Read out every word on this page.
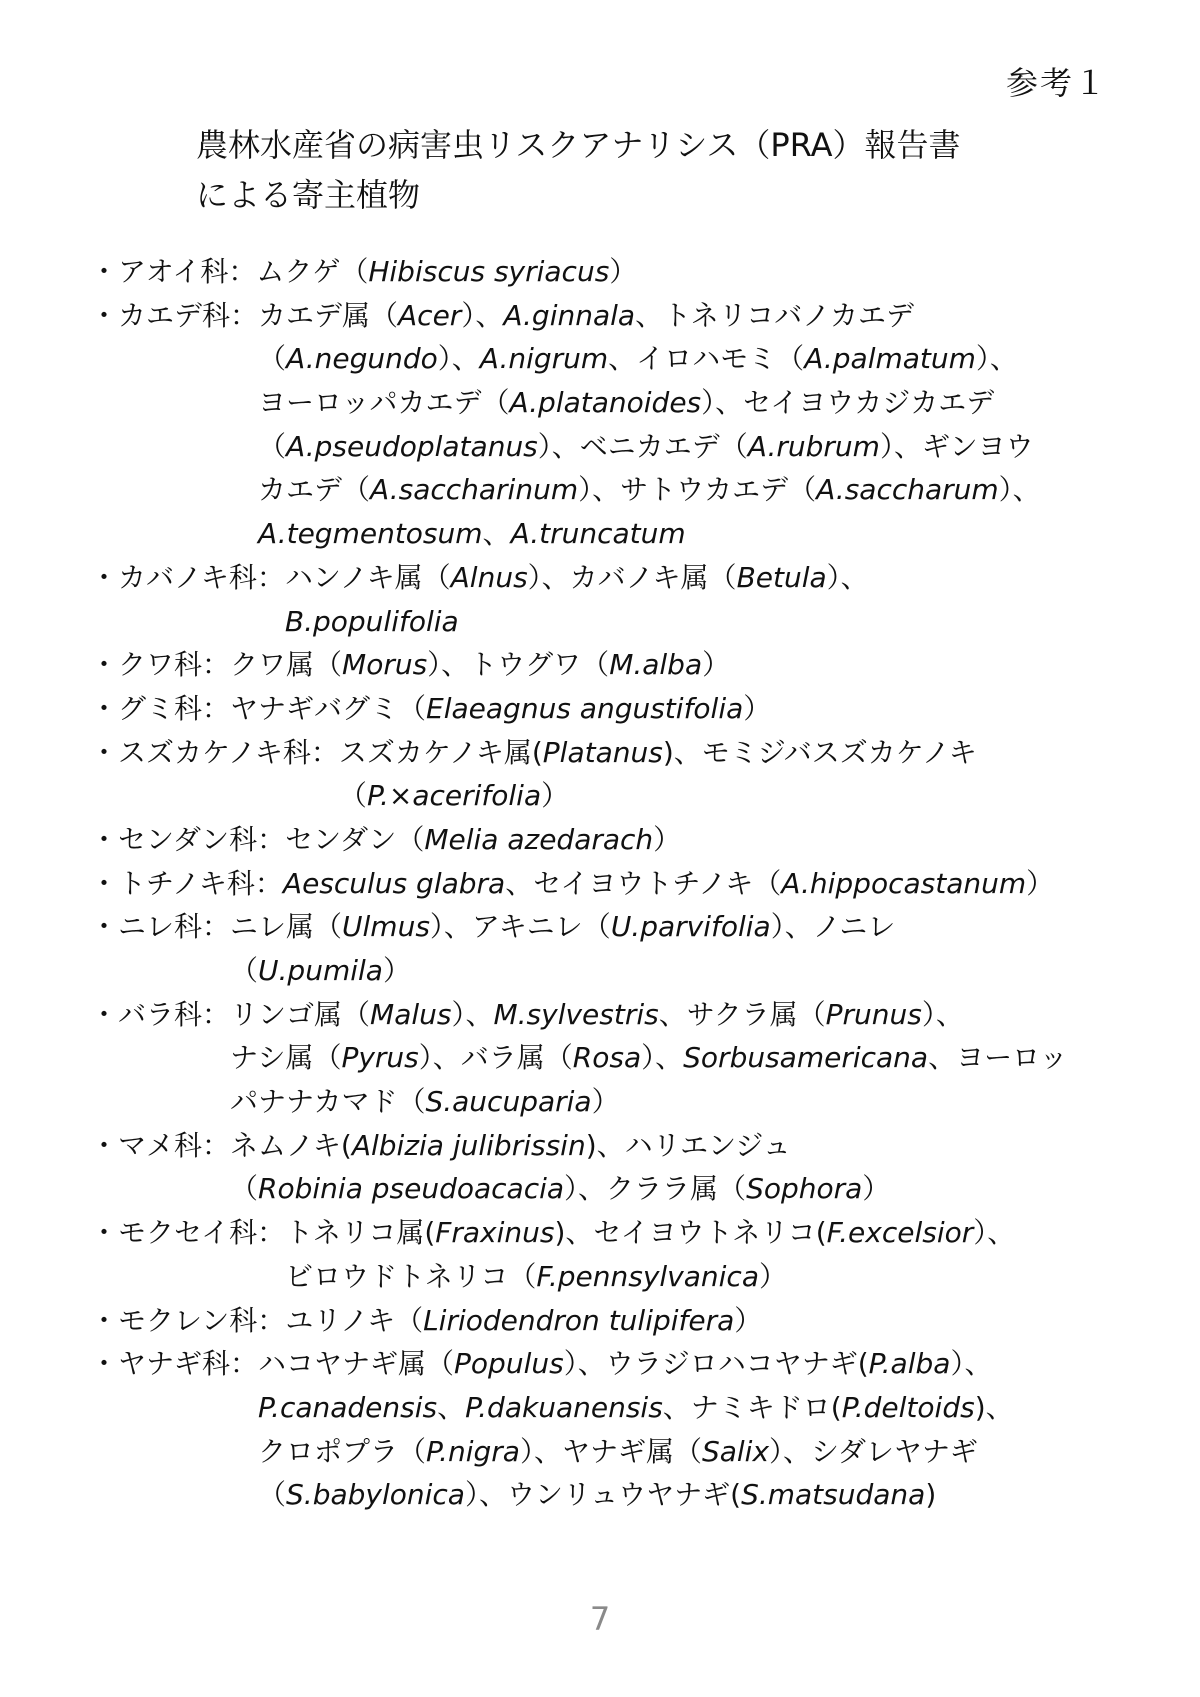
参考１
農林水産省の病害虫リスクアナリシス（PRA）報告書
による寄主植物
・アオイ科：ムクゲ（Hibiscus syriacus）
・カエデ科：カエデ属（Acer）、A.ginnala、トネリコバノカエデ
（A.negundo）、A.nigrum、イロハモミ（A.palmatum）、
ヨーロッパカエデ（A.platanoides）、セイヨウカジカエデ
（A.pseudoplatanus）、ベニカエデ（A.rubrum）、ギンヨウ
カエデ（A.saccharinum）、サトウカエデ（A.saccharum）、
A.tegmentosum、A.truncatum
・カバノキ科：ハンノキ属（Alnus）、カバノキ属（Betula）、
B.populifolia
・クワ科：クワ属（Morus）、トウグワ（M.alba）
・グミ科：ヤナギバグミ（Elaeagnus angustifolia）
・スズカケノキ科：スズカケノキ属(Platanus)、モミジバスズカケノキ
（P.×acerifolia）
・センダン科：センダン（Melia azedarach）
・トチノキ科：Aesculus glabra、セイヨウトチノキ（A.hippocastanum）
・ニレ科：ニレ属（Ulmus）、アキニレ（U.parvifolia）、ノニレ
（U.pumila）
・バラ科：リンゴ属（Malus）、M.sylvestris、サクラ属（Prunus）、
ナシ属（Pyrus）、バラ属（Rosa）、Sorbusamericana、ヨーロッ
パナナカマド（S.aucuparia）
・マメ科：ネムノキ(Albizia julibrissin)、ハリエンジュ
（Robinia pseudoacacia）、クララ属（Sophora）
・モクセイ科：トネリコ属(Fraxinus)、セイヨウトネリコ(F.excelsior）、
ビロウドトネリコ（F.pennsylvanica）
・モクレン科：ユリノキ（Liriodendron tulipifera）
・ヤナギ科：ハコヤナギ属（Populus）、ウラジロハコヤナギ(P.alba）、
P.canadensis、P.dakuanensis、ナミキドロ(P.deltoids)、
クロポプラ（P.nigra）、ヤナギ属（Salix）、シダレヤナギ
（S.babylonica）、ウンリュウヤナギ(S.matsudana)
7
